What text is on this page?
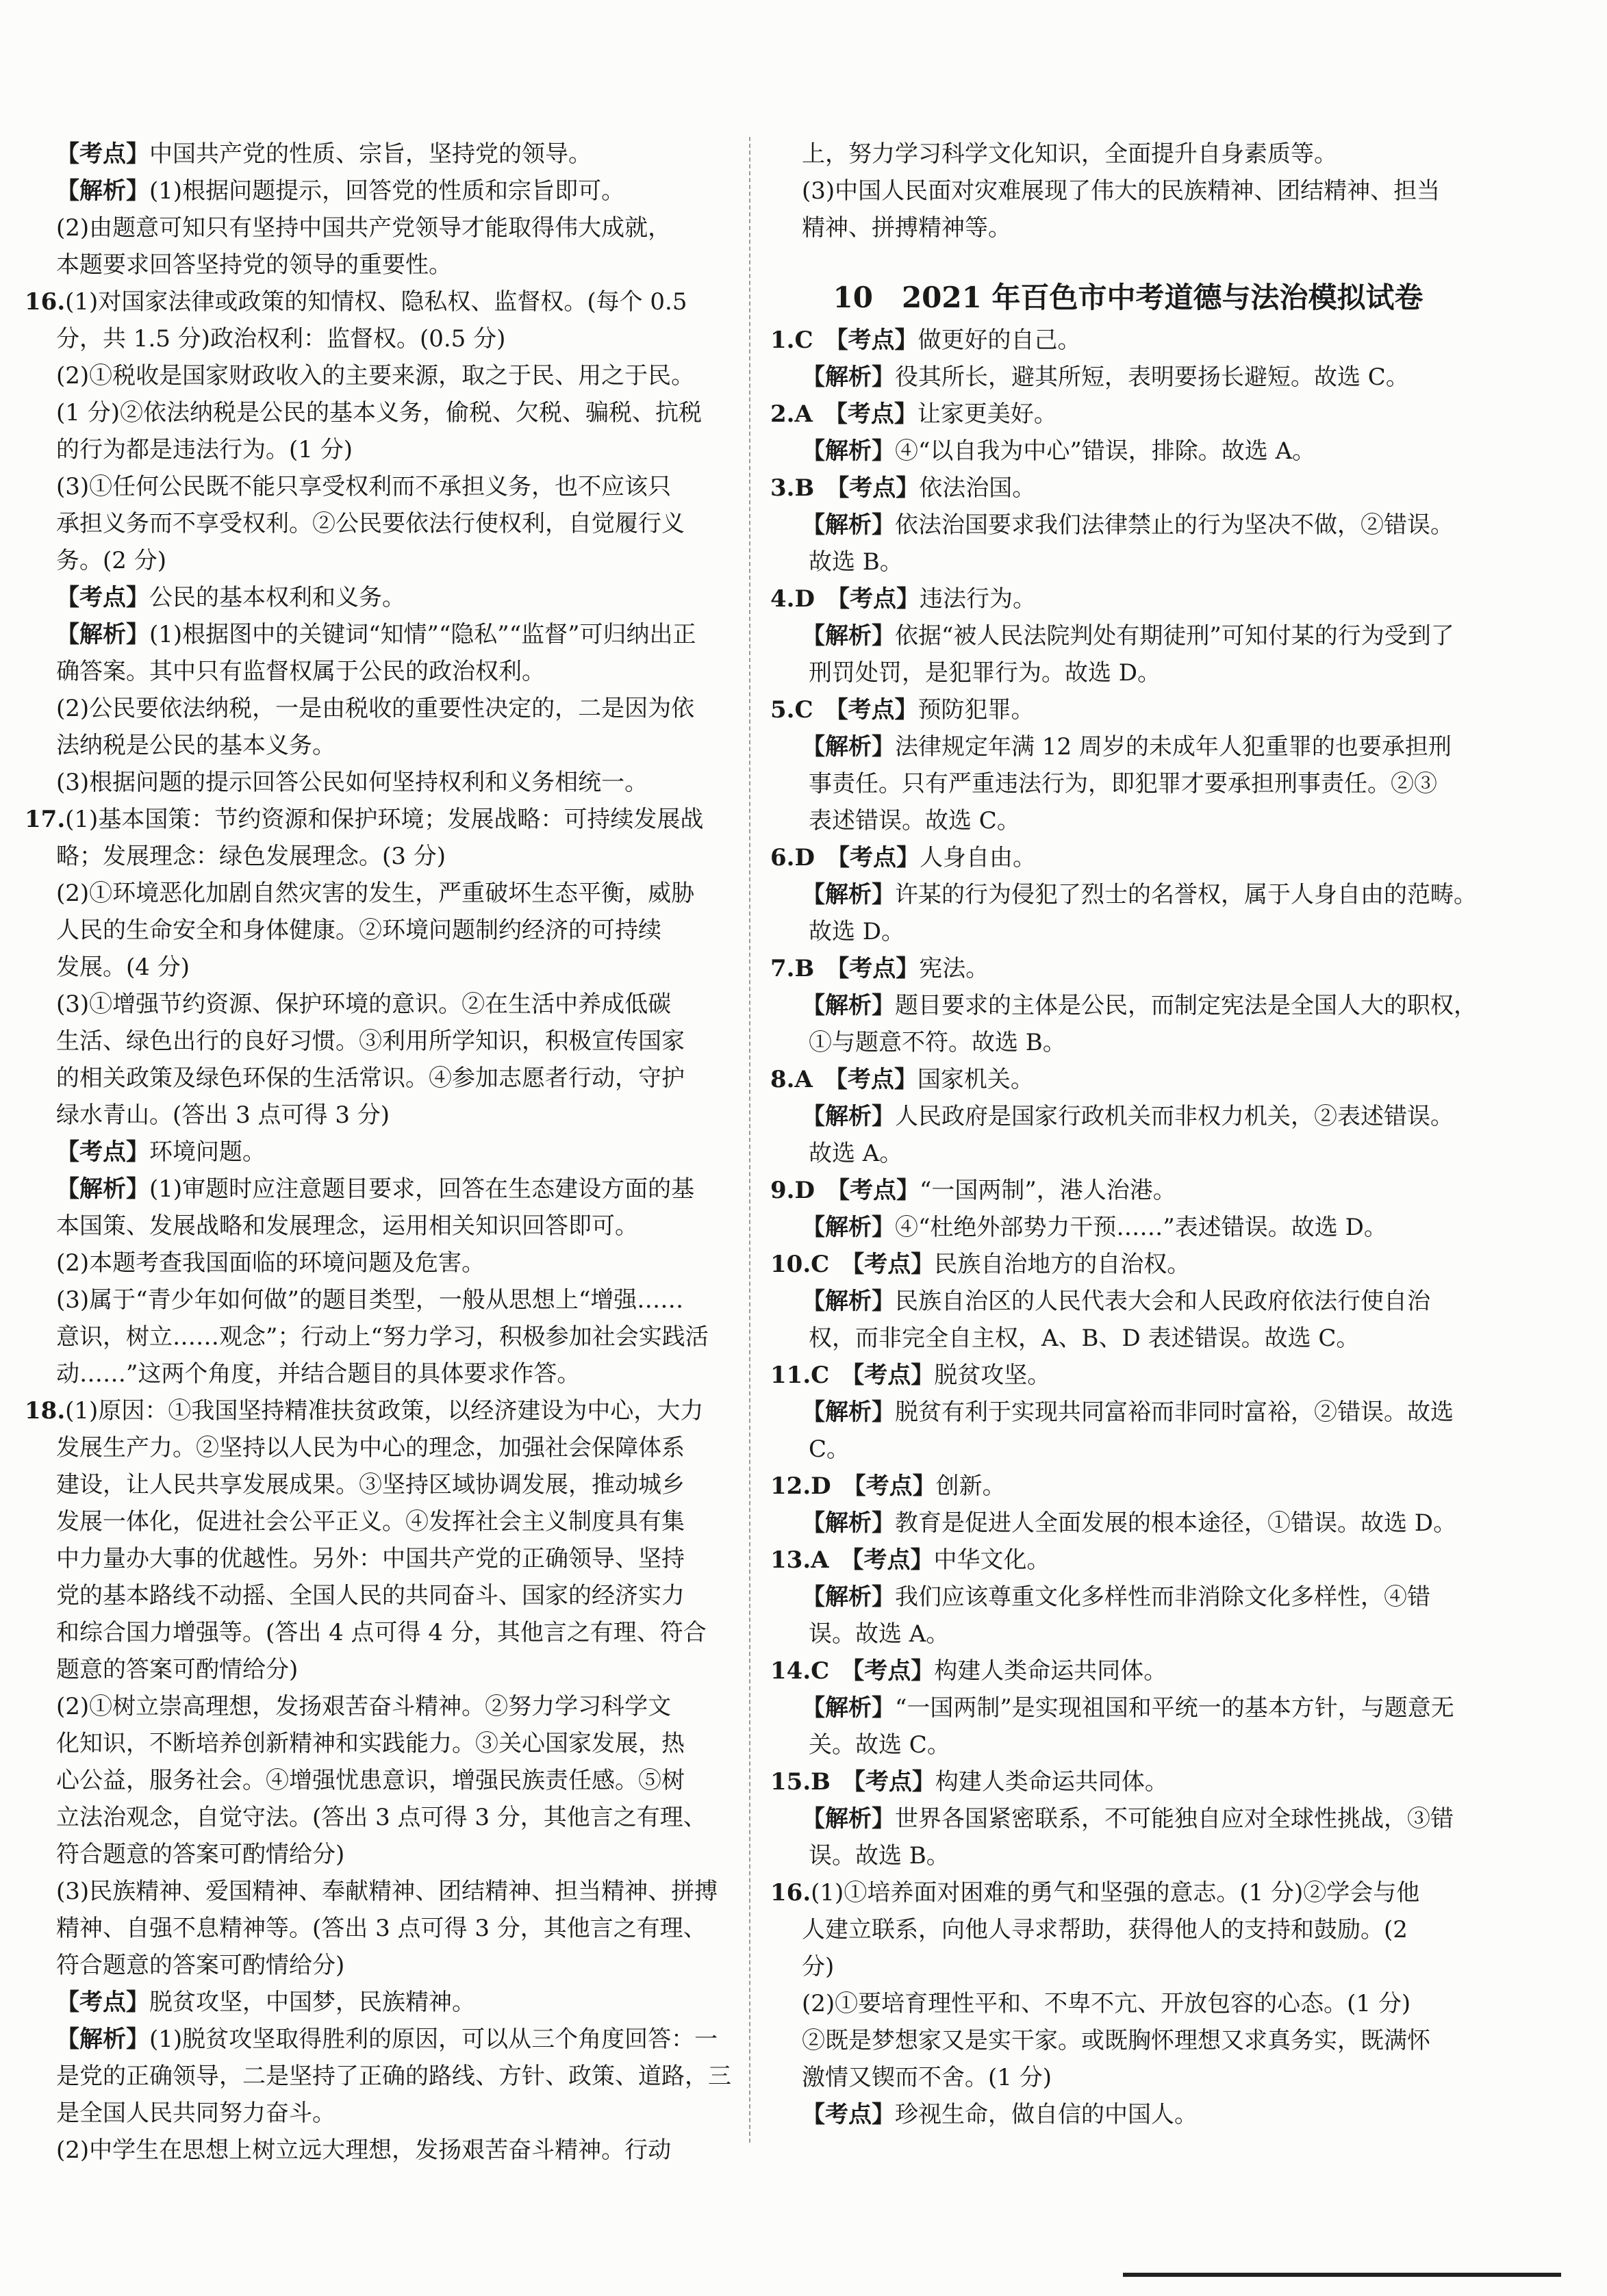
【考点】中国共产党的性质、宗旨，坚持党的领导。
【解析】(1)根据问题提示，回答党的性质和宗旨即可。
(2)由题意可知只有坚持中国共产党领导才能取得伟大成就，
本题要求回答坚持党的领导的重要性。
16.(1)对国家法律或政策的知情权、隐私权、监督权。(每个 0.5
分，共 1.5 分)政治权利：监督权。(0.5 分)
(2)①税收是国家财政收入的主要来源，取之于民、用之于民。
(1 分)②依法纳税是公民的基本义务，偷税、欠税、骗税、抗税
的行为都是违法行为。(1 分)
(3)①任何公民既不能只享受权利而不承担义务，也不应该只
承担义务而不享受权利。②公民要依法行使权利，自觉履行义
务。(2 分)
【考点】公民的基本权利和义务。
【解析】(1)根据图中的关键词“知情”“隐私”“监督”可归纳出正
确答案。其中只有监督权属于公民的政治权利。
(2)公民要依法纳税，一是由税收的重要性决定的，二是因为依
法纳税是公民的基本义务。
(3)根据问题的提示回答公民如何坚持权利和义务相统一。
17.(1)基本国策：节约资源和保护环境；发展战略：可持续发展战
略；发展理念：绿色发展理念。(3 分)
(2)①环境恶化加剧自然灾害的发生，严重破坏生态平衡，威胁
人民的生命安全和身体健康。②环境问题制约经济的可持续
发展。(4 分)
(3)①增强节约资源、保护环境的意识。②在生活中养成低碳
生活、绿色出行的良好习惯。③利用所学知识，积极宣传国家
的相关政策及绿色环保的生活常识。④参加志愿者行动，守护
绿水青山。(答出 3 点可得 3 分)
【考点】环境问题。
【解析】(1)审题时应注意题目要求，回答在生态建设方面的基
本国策、发展战略和发展理念，运用相关知识回答即可。
(2)本题考查我国面临的环境问题及危害。
(3)属于“青少年如何做”的题目类型，一般从思想上“增强……
意识，树立……观念”；行动上“努力学习，积极参加社会实践活
动……”这两个角度，并结合题目的具体要求作答。
18.(1)原因：①我国坚持精准扶贫政策，以经济建设为中心，大力
发展生产力。②坚持以人民为中心的理念，加强社会保障体系
建设，让人民共享发展成果。③坚持区域协调发展，推动城乡
发展一体化，促进社会公平正义。④发挥社会主义制度具有集
中力量办大事的优越性。另外：中国共产党的正确领导、坚持
党的基本路线不动摇、全国人民的共同奋斗、国家的经济实力
和综合国力增强等。(答出 4 点可得 4 分，其他言之有理、符合
题意的答案可酌情给分)
(2)①树立崇高理想，发扬艰苦奋斗精神。②努力学习科学文
化知识，不断培养创新精神和实践能力。③关心国家发展，热
心公益，服务社会。④增强忧患意识，增强民族责任感。⑤树
立法治观念，自觉守法。(答出 3 点可得 3 分，其他言之有理、
符合题意的答案可酌情给分)
(3)民族精神、爱国精神、奉献精神、团结精神、担当精神、拼搏
精神、自强不息精神等。(答出 3 点可得 3 分，其他言之有理、
符合题意的答案可酌情给分)
【考点】脱贫攻坚，中国梦，民族精神。
【解析】(1)脱贫攻坚取得胜利的原因，可以从三个角度回答：一
是党的正确领导，二是坚持了正确的路线、方针、政策、道路，三
是全国人民共同努力奋斗。
(2)中学生在思想上树立远大理想，发扬艰苦奋斗精神。行动
上，努力学习科学文化知识，全面提升自身素质等。
(3)中国人民面对灾难展现了伟大的民族精神、团结精神、担当
精神、拼搏精神等。
10　2021 年百色市中考道德与法治模拟试卷
1.C　 【考点】做更好的自己。
【解析】役其所长，避其所短，表明要扬长避短。故选 C。
2.A　 【考点】让家更美好。
【解析】④“以自我为中心”错误，排除。故选 A。
3.B　 【考点】依法治国。
【解析】依法治国要求我们法律禁止的行为坚决不做，②错误。
故选 B。
4.D　 【考点】违法行为。
【解析】依据“被人民法院判处有期徒刑”可知付某的行为受到了
刑罚处罚，是犯罪行为。故选 D。
5.C　 【考点】预防犯罪。
【解析】法律规定年满 12 周岁的未成年人犯重罪的也要承担刑
事责任。只有严重违法行为，即犯罪才要承担刑事责任。②③
表述错误。故选 C。
6.D　 【考点】人身自由。
【解析】许某的行为侵犯了烈士的名誉权，属于人身自由的范畴。
故选 D。
7.B　 【考点】宪法。
【解析】题目要求的主体是公民，而制定宪法是全国人大的职权，
①与题意不符。故选 B。
8.A　 【考点】国家机关。
【解析】人民政府是国家行政机关而非权力机关，②表述错误。
故选 A。
9.D　 【考点】“一国两制”，港人治港。
【解析】④“杜绝外部势力干预……”表述错误。故选 D。
10.C　 【考点】民族自治地方的自治权。
【解析】民族自治区的人民代表大会和人民政府依法行使自治
权，而非完全自主权，A、B、D 表述错误。故选 C。
11.C　 【考点】脱贫攻坚。
【解析】脱贫有利于实现共同富裕而非同时富裕，②错误。故选
C。
12.D　 【考点】创新。
【解析】教育是促进人全面发展的根本途径，①错误。故选 D。
13.A　 【考点】中华文化。
【解析】我们应该尊重文化多样性而非消除文化多样性，④错
误。故选 A。
14.C　 【考点】构建人类命运共同体。
【解析】“一国两制”是实现祖国和平统一的基本方针，与题意无
关。故选 C。
15.B　 【考点】构建人类命运共同体。
【解析】世界各国紧密联系，不可能独自应对全球性挑战，③错
误。故选 B。
16.(1)①培养面对困难的勇气和坚强的意志。(1 分)②学会与他
人建立联系，向他人寻求帮助，获得他人的支持和鼓励。(2
分)
(2)①要培育理性平和、不卑不亢、开放包容的心态。(1 分)
②既是梦想家又是实干家。或既胸怀理想又求真务实，既满怀
激情又锲而不舍。(1 分)
【考点】珍视生命，做自信的中国人。
